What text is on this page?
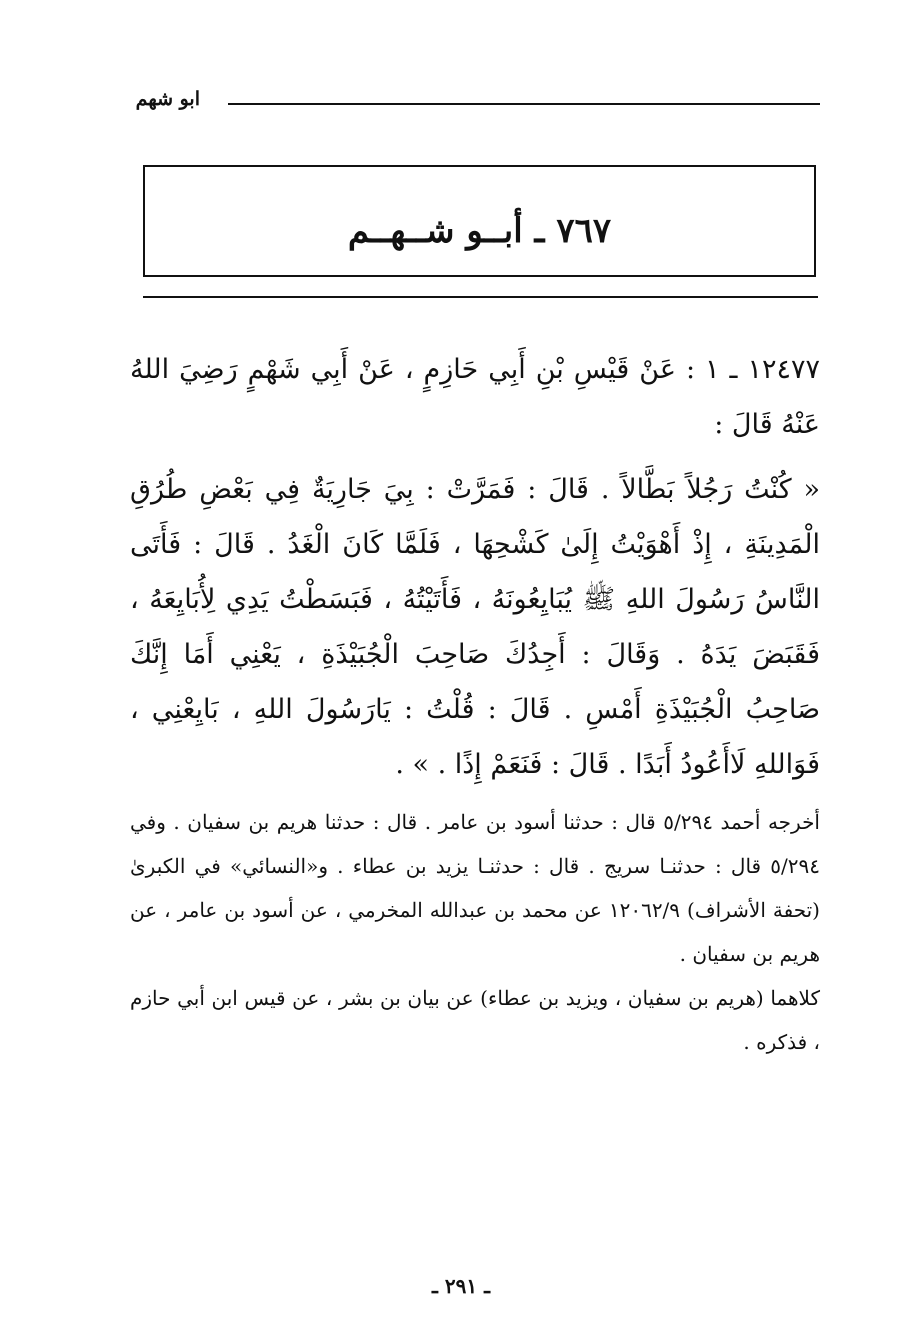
ابو شهم
٧٦٧ ـ أبــو شــهــم

١٢٤٧٧ ـ ١ : عَنْ قَيْسِ بْنِ أَبِي حَازِمٍ ، عَنْ أَبِي شَهْمٍ رَضِيَ اللهُ عَنْهُ قَالَ :

« كُنْتُ رَجُلاً بَطَّالاً . قَالَ : فَمَرَّتْ : بِيَ جَارِيَةٌ فِي بَعْضِ طُرُقِ الْمَدِينَةِ ، إِذْ أَهْوَيْتُ إِلَىٰ كَشْحِهَا ، فَلَمَّا كَانَ الْغَدُ . قَالَ : فَأَتَى النَّاسُ رَسُولَ اللهِ ﷺ يُبَايِعُونَهُ ، فَأَتَيْتُهُ ، فَبَسَطْتُ يَدِي لِأُبَايِعَهُ ، فَقَبَضَ يَدَهُ . وَقَالَ : أَجِدُكَ صَاحِبَ الْجُبَيْذَةِ ، يَعْنِي أَمَا إِنَّكَ صَاحِبُ الْجُبَيْذَةِ أَمْسِ . قَالَ : قُلْتُ : يَارَسُولَ اللهِ ، بَايِعْنِي ، فَوَاللهِ لَاأَعُودُ أَبَدًا . قَالَ : فَنَعَمْ إِذًا . » .

أخرجه أحمد ٥/٢٩٤ قال : حدثنا أسود بن عامر . قال : حدثنا هريم بن سفيان . وفي ٥/٢٩٤ قال : حدثنـا سريج . قال : حدثنـا يزيد بن عطاء . و«النسائي» في الكبرىٰ (تحفة الأشراف) ١٢٠٦٢/٩ عن محمد بن عبدالله المخرمي ، عن أسود بن عامر ، عن هريم بن سفيان .

كلاهما (هريم بن سفيان ، ويزيد بن عطاء) عن بيان بن بشر ، عن قيس ابن أبي حازم ، فذكره .

ـ ٢٩١ ـ
